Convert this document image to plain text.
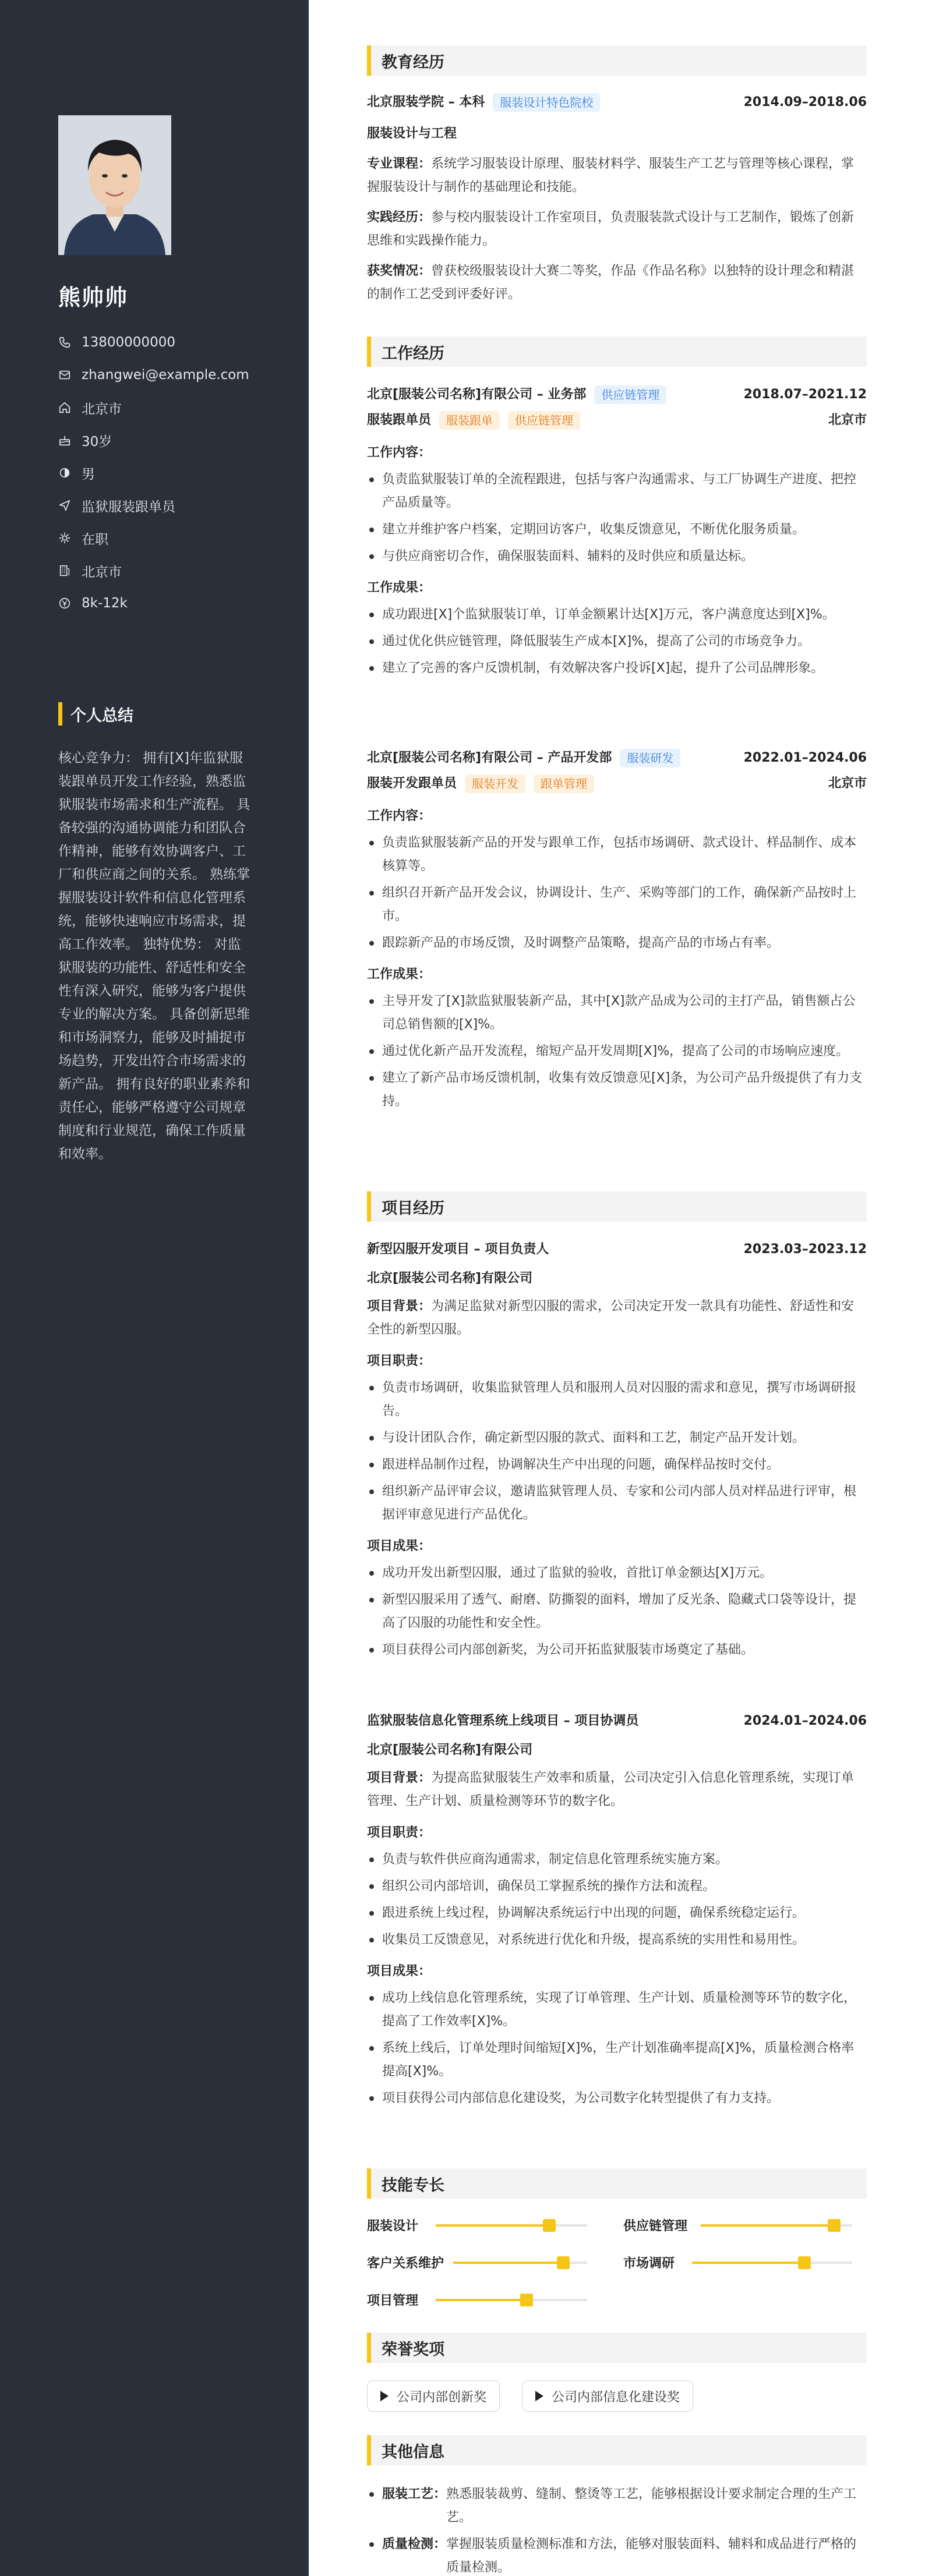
熊帅帅
13800000000
zhangwei@example.com
北京市
30岁
男
监狱服装跟单员
在职
北京市
8k-12k
个人总结
核心竞争力： 拥有[X]年监狱服装跟单员开发工作经验，熟悉监狱服装市场需求和生产流程。 具备较强的沟通协调能力和团队合作精神，能够有效协调客户、工厂和供应商之间的关系。 熟练掌握服装设计软件和信息化管理系统，能够快速响应市场需求，提高工作效率。 独特优势： 对监狱服装的功能性、舒适性和安全性有深入研究，能够为客户提供专业的解决方案。 具备创新思维和市场洞察力，能够及时捕捉市场趋势，开发出符合市场需求的新产品。 拥有良好的职业素养和责任心，能够严格遵守公司规章制度和行业规范，确保工作质量和效率。
教育经历
北京服装学院 – 本科	服装设计特色院校	2014.09–2018.06
服装设计与工程
专业课程：系统学习服装设计原理、服装材料学、服装生产工艺与管理等核心课程，掌握服装设计与制作的基础理论和技能。
实践经历：参与校内服装设计工作室项目，负责服装款式设计与工艺制作，锻炼了创新思维和实践操作能力。
获奖情况：曾获校级服装设计大赛二等奖，作品《作品名称》以独特的设计理念和精湛的制作工艺受到评委好评。
工作经历
北京[服装公司名称]有限公司 – 业务部	供应链管理	2018.07–2021.12
服装跟单员	服装跟单	供应链管理	北京市
工作内容：
负责监狱服装订单的全流程跟进，包括与客户沟通需求、与工厂协调生产进度、把控产品质量等。
建立并维护客户档案，定期回访客户，收集反馈意见，不断优化服务质量。
与供应商密切合作，确保服装面料、辅料的及时供应和质量达标。
工作成果：
成功跟进[X]个监狱服装订单，订单金额累计达[X]万元，客户满意度达到[X]%。
通过优化供应链管理，降低服装生产成本[X]%，提高了公司的市场竞争力。
建立了完善的客户反馈机制，有效解决客户投诉[X]起，提升了公司品牌形象。
北京[服装公司名称]有限公司 – 产品开发部	服装研发	2022.01–2024.06
服装开发跟单员	服装开发	跟单管理	北京市
工作内容：
负责监狱服装新产品的开发与跟单工作，包括市场调研、款式设计、样品制作、成本核算等。
组织召开新产品开发会议，协调设计、生产、采购等部门的工作，确保新产品按时上市。
跟踪新产品的市场反馈，及时调整产品策略，提高产品的市场占有率。
工作成果：
主导开发了[X]款监狱服装新产品，其中[X]款产品成为公司的主打产品，销售额占公司总销售额的[X]%。
通过优化新产品开发流程，缩短产品开发周期[X]%，提高了公司的市场响应速度。
建立了新产品市场反馈机制，收集有效反馈意见[X]条，为公司产品升级提供了有力支持。
项目经历
新型囚服开发项目 – 项目负责人	2023.03–2023.12
北京[服装公司名称]有限公司
项目背景：为满足监狱对新型囚服的需求，公司决定开发一款具有功能性、舒适性和安全性的新型囚服。
项目职责：
负责市场调研，收集监狱管理人员和服刑人员对囚服的需求和意见，撰写市场调研报告。
与设计团队合作，确定新型囚服的款式、面料和工艺，制定产品开发计划。
跟进样品制作过程，协调解决生产中出现的问题，确保样品按时交付。
组织新产品评审会议，邀请监狱管理人员、专家和公司内部人员对样品进行评审，根据评审意见进行产品优化。
项目成果：
成功开发出新型囚服，通过了监狱的验收，首批订单金额达[X]万元。
新型囚服采用了透气、耐磨、防撕裂的面料，增加了反光条、隐藏式口袋等设计，提高了囚服的功能性和安全性。
项目获得公司内部创新奖，为公司开拓监狱服装市场奠定了基础。
监狱服装信息化管理系统上线项目 – 项目协调员	2024.01–2024.06
北京[服装公司名称]有限公司
项目背景：为提高监狱服装生产效率和质量，公司决定引入信息化管理系统，实现订单管理、生产计划、质量检测等环节的数字化。
项目职责：
负责与软件供应商沟通需求，制定信息化管理系统实施方案。
组织公司内部培训，确保员工掌握系统的操作方法和流程。
跟进系统上线过程，协调解决系统运行中出现的问题，确保系统稳定运行。
收集员工反馈意见，对系统进行优化和升级，提高系统的实用性和易用性。
项目成果：
成功上线信息化管理系统，实现了订单管理、生产计划、质量检测等环节的数字化，提高了工作效率[X]%。
系统上线后，订单处理时间缩短[X]%，生产计划准确率提高[X]%，质量检测合格率提高[X]%。
项目获得公司内部信息化建设奖，为公司数字化转型提供了有力支持。
技能专长
服装设计	供应链管理
客户关系维护	市场调研
项目管理
荣誉奖项
公司内部创新奖	公司内部信息化建设奖
其他信息
服装工艺： 熟悉服装裁剪、缝制、整烫等工艺，能够根据设计要求制定合理的生产工艺。
质量检测： 掌握服装质量检测标准和方法，能够对服装面料、辅料和成品进行严格的质量检测。
